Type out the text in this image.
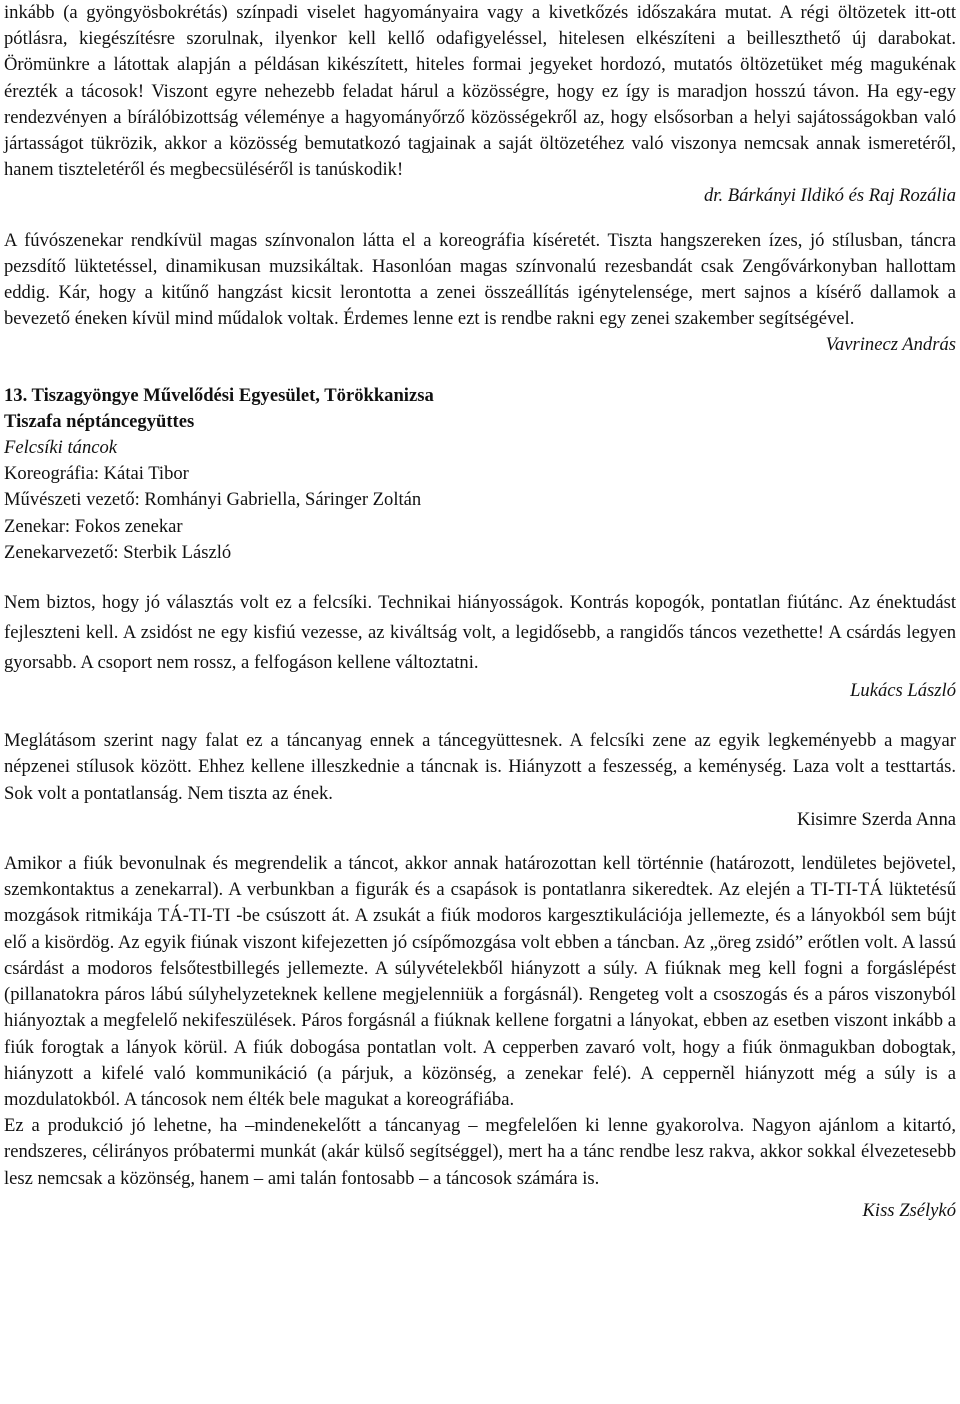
inkább (a gyöngyösbokrétás) színpadi viselet hagyományaira vagy a kivetkőzés időszakára mutat. A régi öltözetek itt-ott pótlásra, kiegészítésre szorulnak, ilyenkor kell kellő odafigyeléssel, hitelesen elkészíteni a beilleszthető új darabokat. Örömünkre a látottak alapján a példásan kikészített, hiteles formai jegyeket hordozó, mutatós öltözetüket még magukénak érezték a tácosok! Viszont egyre nehezebb feladat hárul a közösségre, hogy ez így is maradjon hosszú távon. Ha egy-egy rendezvényen a bírálóbizottság véleménye a hagyományőrző közösségekről az, hogy elsősorban a helyi sajátosságokban való jártasságot tükrözik, akkor a közösség bemutatkozó tagjainak a saját öltözetéhez való viszonya nemcsak annak ismeretéről, hanem tiszteletéről és megbecsüléséről is tanúskodik!

dr. Bárkányi Ildikó és Raj Rozália

A fúvószenekar rendkívül magas színvonalon látta el a koreográfia kíséretét. Tiszta hangszereken ízes, jó stílusban, táncra pezsdítő lüktetéssel, dinamikusan muzsikáltak. Hasonlóan magas színvonalú rezesbandát csak Zengővárkonyban hallottam eddig. Kár, hogy a kitűnő hangzást kicsit lerontotta a zenei összeállítás igénytelensége, mert sajnos a kísérő dallamok a bevezető éneken kívül mind műdalok voltak. Érdemes lenne ezt is rendbe rakni egy zenei szakember segítségével.

Vavrinecz András
13. Tiszagyöngye Művelődési Egyesület, Törökkanizsa
Tiszafa néptáncegyüttes
Felcsíki táncok
Koreográfia: Kátai Tibor
Művészeti vezető: Romhányi Gabriella, Sáringer Zoltán
Zenekar: Fokos zenekar
Zenekarvezető: Sterbik László

Nem biztos, hogy jó választás volt ez a felcsíki. Technikai hiányosságok. Kontrás kopogók, pontatlan fiútánc. Az énektudást fejleszteni kell. A zsidóst ne egy kisfiú vezesse, az kiváltság volt, a legidősebb, a rangidős táncos vezethette! A csárdás legyen gyorsabb. A csoport nem rossz, a felfogáson kellene változtatni.

Lukács László

Meglátásom szerint nagy falat ez a táncanyag ennek a táncegyüttesnek. A felcsíki zene az egyik legkeményebb a magyar népzenei stílusok között. Ehhez kellene illeszkednie a táncnak is. Hiányzott a feszesség, a keménység. Laza volt a testtartás. Sok volt a pontatlanság. Nem tiszta az ének.

Kisimre Szerda Anna

Amikor a fiúk bevonulnak és megrendelik a táncot, akkor annak határozottan kell történnie (határozott, lendületes bejövetel, szemkontaktus a zenekarral). A verbunkban a figurák és a csapások is pontatlanra sikeredtek. Az elején a TI-TI-TÁ lüktetésű mozgások ritmikája TÁ-TI-TI -be csúszott át. A zsukát a fiúk modoros kargesztikulációja jellemezte, és a lányokból sem bújt elő a kisördög. Az egyik fiúnak viszont kifejezetten jó csípőmozgása volt ebben a táncban. Az „öreg zsidó” erőtlen volt. A lassú csárdást a modoros felsőtestbillegés jellemezte. A súlyvételekből hiányzott a súly. A fiúknak meg kell fogni a forgáslépést (pillanatokra páros lábú súlyhelyzeteknek kellene megjelenniük a forgásnál). Rengeteg volt a csoszogás és a páros viszonyból hiányoztak a megfelelő nekifeszülések. Páros forgásnál a fiúknak kellene forgatni a lányokat, ebben az esetben viszont inkább a fiúk forogtak a lányok körül. A fiúk dobogása pontatlan volt. A cepperben zavaró volt, hogy a fiúk önmagukban dobogtak, hiányzott a kifelé való kommunikáció (a párjuk, a közönség, a zenekar felé). A cepperněl hiányzott még a súly is a mozdulatokból. A táncosok nem élték bele magukat a koreográfiába.

Ez a produkció jó lehetne, ha –mindenekelőtt a táncanyag – megfelelően ki lenne gyakorolva. Nagyon ajánlom a kitartó, rendszeres, célirányos próbatermi munkát (akár külső segítséggel), mert ha a tánc rendbe lesz rakva, akkor sokkal élvezetesebb lesz nemcsak a közönség, hanem – ami talán fontosabb – a táncosok számára is.

Kiss Zsélykó
